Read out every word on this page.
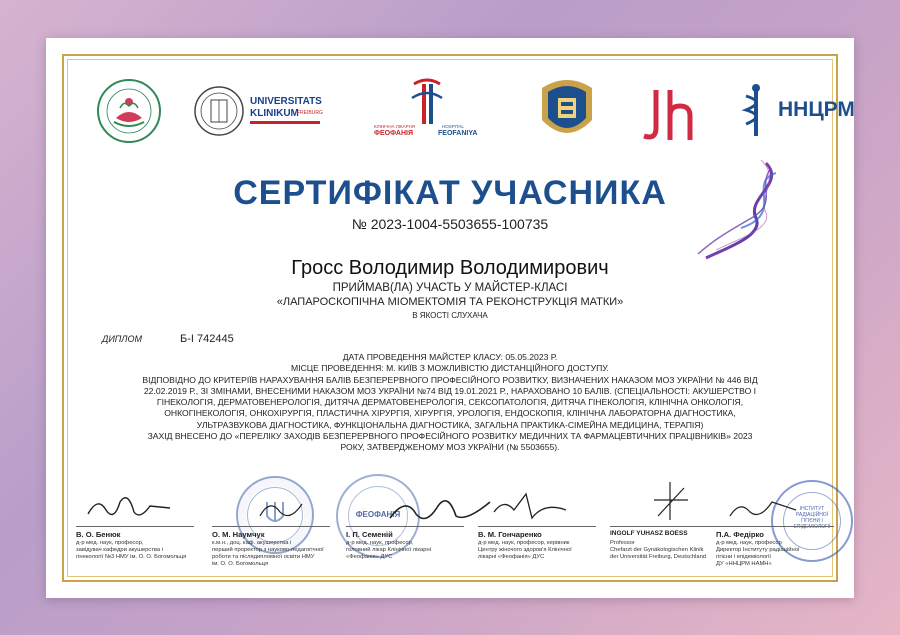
UNIVERSITATS
KLINIKUM
FREIBURG
КЛІНІЧНА ЛІКАРНЯ
ФЕОФАНІЯ
HOSPITAL
FEOFANIYA
ННЦРМ
СЕРТИФІКАТ УЧАСНИКА
№ 2023-1004-5503655-100735
Гросс Володимир Володимирович
ПРИЙМАВ(ЛА) УЧАСТЬ У МАЙСТЕР-КЛАСІ
«ЛАПАРОСКОПІЧНА МІОМЕКТОМІЯ ТА РЕКОНСТРУКЦІЯ МАТКИ»
В ЯКОСТІ СЛУХАЧА
ДИПЛОМ	Б-І 742445
ДАТА ПРОВЕДЕННЯ МАЙСТЕР КЛАСУ: 05.05.2023 Р.
МІСЦЕ ПРОВЕДЕННЯ: М. КИЇВ З МОЖЛИВІСТЮ ДИСТАНЦІЙНОГО ДОСТУПУ.
ВІДПОВІДНО ДО КРИТЕРІЇВ НАРАХУВАННЯ БАЛІВ БЕЗПЕРЕРВНОГО ПРОФЕСІЙНОГО РОЗВИТКУ, ВИЗНАЧЕНИХ НАКАЗОМ МОЗ УКРАЇНИ № 446 ВІД
22.02.2019 Р., ЗІ ЗМІНАМИ, ВНЕСЕНИМИ НАКАЗОМ МОЗ УКРАЇНИ №74 ВІД 19.01.2021 Р., НАРАХОВАНО 10 БАЛІВ. (СПЕЦІАЛЬНОСТІ: АКУШЕРСТВО І
ГІНЕКОЛОГІЯ, ДЕРМАТОВЕНЕРОЛОГІЯ, ДИТЯЧА ДЕРМАТОВЕНЕРОЛОГІЯ, СЕКСОПАТОЛОГІЯ, ДИТЯЧА ГІНЕКОЛОГІЯ, КЛІНІЧНА ОНКОЛОГІЯ,
ОНКОГІНЕКОЛОГІЯ, ОНКОХІРУРГІЯ, ПЛАСТИЧНА ХІРУРГІЯ, ХІРУРГІЯ, УРОЛОГІЯ, ЕНДОСКОПІЯ, КЛІНІЧНА ЛАБОРАТОРНА ДІАГНОСТИКА,
УЛЬТРАЗВУКОВА ДІАГНОСТИКА, ФУНКЦІОНАЛЬНА ДІАГНОСТИКА, ЗАГАЛЬНА ПРАКТИКА-СІМЕЙНА МЕДИЦИНА, ТЕРАПІЯ)
ЗАХІД ВНЕСЕНО ДО «ПЕРЕЛІКУ ЗАХОДІВ БЕЗПЕРЕРВНОГО ПРОФЕСІЙНОГО РОЗВИТКУ МЕДИЧНИХ ТА ФАРМАЦЕВТИЧНИХ ПРАЦІВНИКІВ» 2023
РОКУ, ЗАТВЕРДЖЕНОМУ МОЗ УКРАЇНИ (№ 5503655).
ФЕОФАНІЯ
ІНСТИТУТ РАДІАЦІЙНОЇ ГІГІЄНИ І ЕПІДЕМІОЛОГІЇ
В. О. Бенюк
д-р мед. наук, професор,
завідувач кафедри акушерства і
гінекології №3 НМУ ім. О. О. Богомольця
О. М. Наумчук
к.м.н., доц. каф. акушерства і
перший проректор з науково-педагогічної
роботи та післядипломної освіти НМУ
ім. О. О. Богомольця
І. П. Семеній
д-р мед. наук, професор,
головний лікар Клінічної лікарні
«Феофанія» ДУС
В. М. Гончаренко
д-р мед. наук, професор, керівник
Центру жіночого здоров'я Клінічної
лікарні «Феофанія» ДУС
INGOLF YUHASZ BOESS
Professor
Chefarzt der Gynäkologischen Klinik
der Universität Freiburg, Deutschland
П.А. Федірко
д-р мед. наук, професор
Директор Інституту радіаційної
гігієни і епідеміології
ДУ «ННЦРМ НАМН»
